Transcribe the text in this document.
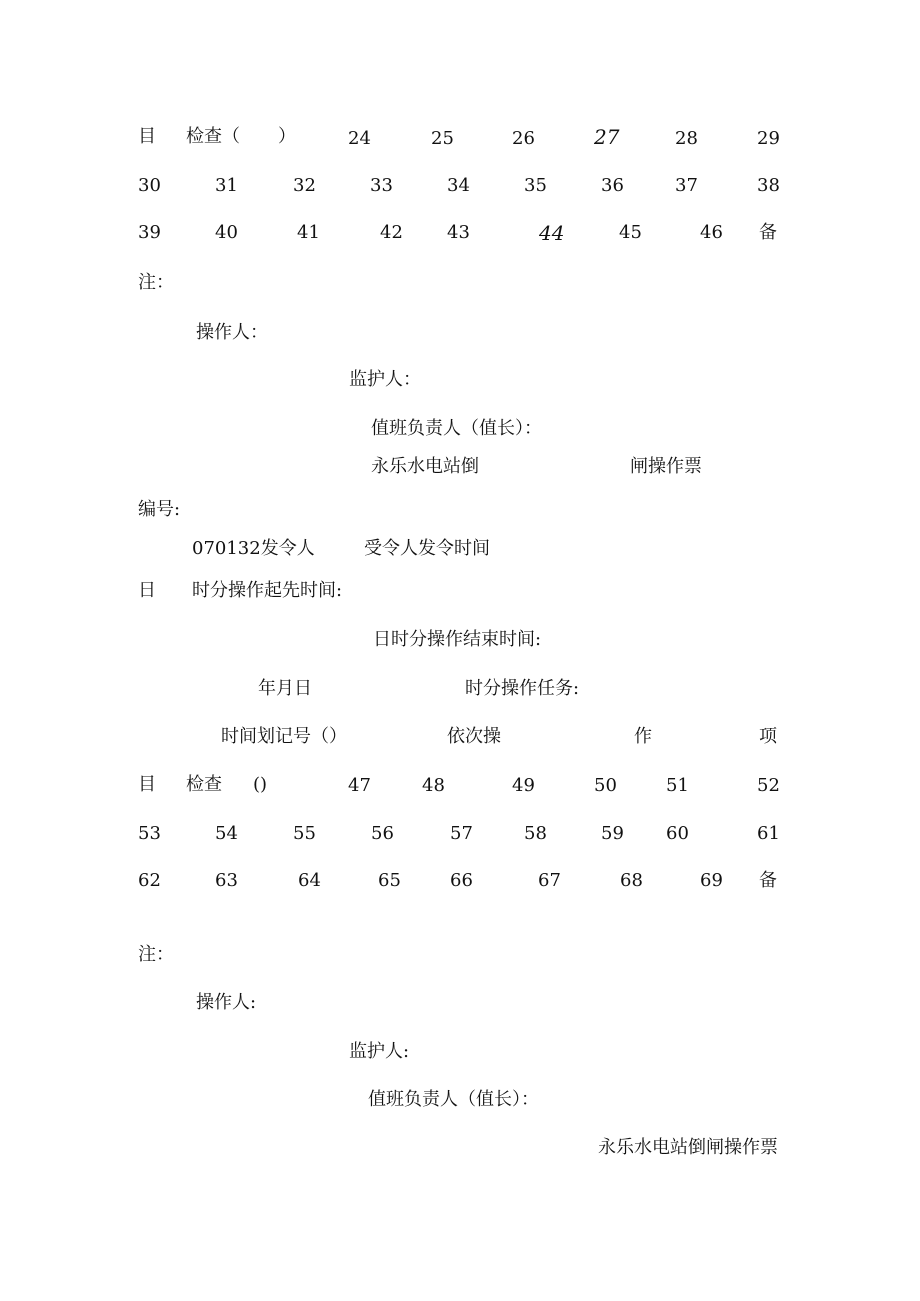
目 检查（ ）	24	25	26	27	28	29
30	31	32	33	34	35	36	37	38
39	40	41	42 43	44	45	46 备
注：
操作人：
监护人：
值班负责人（值长）：
永乐水电站倒	闸操作票
编号:
070132发令人	受令人发令时间
日 时分操作起先时间:
日时分操作结束时间:
年月日	时分操作任务:
时间划记号（）	依次操	作	项
目 检查 ()	47	48	49	50	51	52
53	54	55	56	57	58	59 60	61
62	63	64	65	66	67	68	69 备
注：
操作人:
监护人:
值班负责人（值长）：
永乐水电站倒闸操作票
